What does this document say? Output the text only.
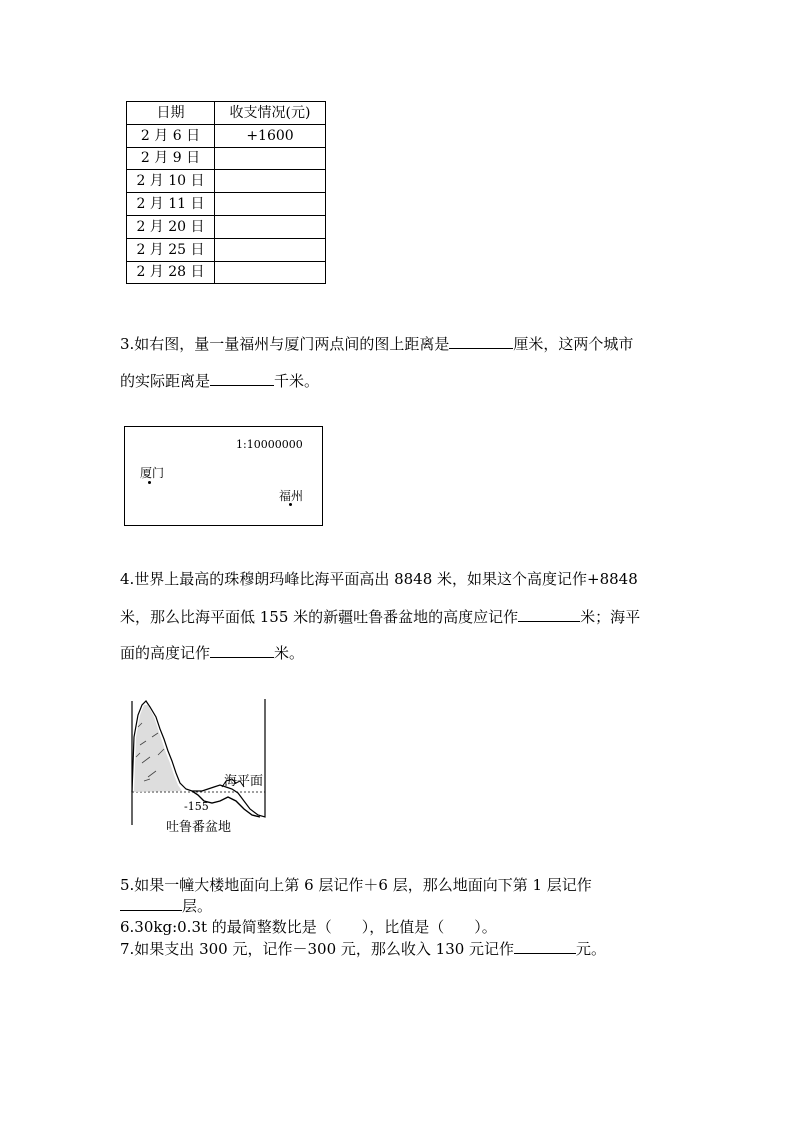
日期	收支情况(元)
2 月 6 日	+1600
2 月 9 日	
2 月 10 日	
2 月 11 日	
2 月 20 日	
2 月 25 日	
2 月 28 日	
3.如右图，量一量福州与厦门两点间的图上距离是	厘米，这两个城市
的实际距离是	千米。
1:10000000
厦门
福州
4.世界上最高的珠穆朗玛峰比海平面高出 8848 米，如果这个高度记作+8848
米，那么比海平面低 155 米的新疆吐鲁番盆地的高度应记作	米；海平
面的高度记作	米。
海平面
-155
吐鲁番盆地
5.如果一幢大楼地面向上第 6 层记作＋6 层，那么地面向下第 1 层记作
层。
6.30kg:0.3t 的最简整数比是（　　），比值是（　　）。
7.如果支出 300 元，记作－300 元，那么收入 130 元记作	元。
